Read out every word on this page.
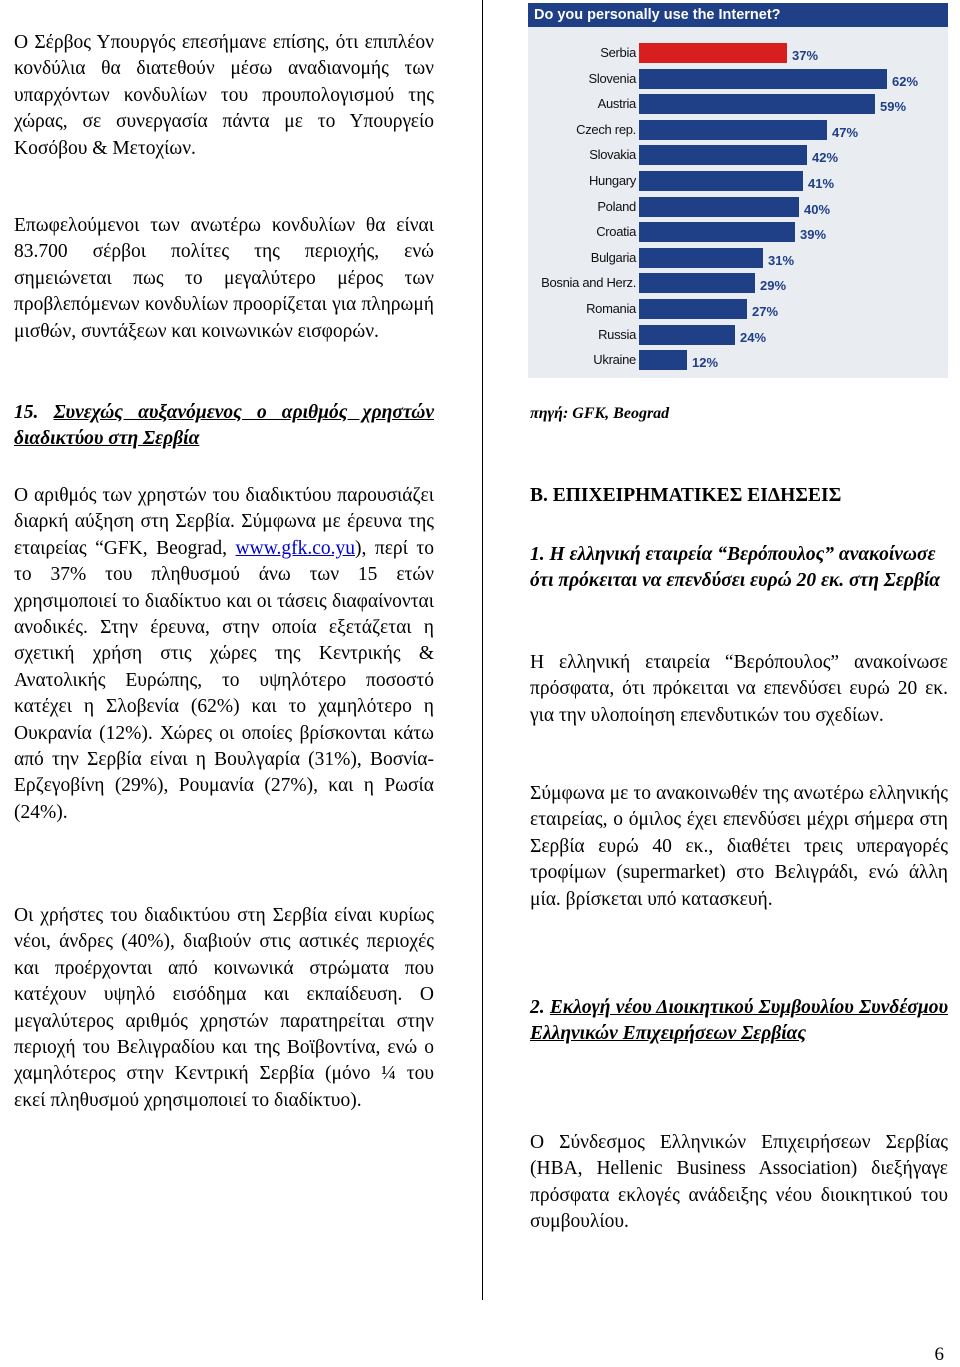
Ο Σέρβος Υπουργός επεσήμανε επίσης, ότι επιπλέον κονδύλια θα διατεθούν μέσω αναδιανομής των υπαρχόντων κονδυλίων του προυπολογισμού της χώρας, σε συνεργασία πάντα με το Υπουργείο Κοσόβου & Μετοχίων.

Επωφελούμενοι των ανωτέρω κονδυλίων θα είναι 83.700 σέρβοι πολίτες της περιοχής, ενώ σημειώνεται πως το μεγαλύτερο μέρος των προβλεπόμενων κονδυλίων προορίζεται για πληρωμή μισθών, συντάξεων και κοινωνικών εισφορών.

15. Συνεχώς αυξανόμενος ο αριθμός χρηστών διαδικτύου στη Σερβία

Ο αριθμός των χρηστών του διαδικτύου παρουσιάζει διαρκή αύξηση στη Σερβία. Σύμφωνα με έρευνα της εταιρείας “GFK, Beograd, www.gfk.co.yu), περί το το 37% του πληθυσμού άνω των 15 ετών χρησιμοποιεί το διαδίκτυο και οι τάσεις διαφαίνονται ανοδικές. Στην έρευνα, στην οποία εξετάζεται η σχετική χρήση στις χώρες της Κεντρικής & Ανατολικής Ευρώπης, το υψηλότερο ποσοστό κατέχει η Σλοβενία (62%) και το χαμηλότερο η Ουκρανία (12%). Χώρες οι οποίες βρίσκονται κάτω από την Σερβία είναι η Βουλγαρία (31%), Βοσνία-Ερζεγοβίνη (29%), Ρουμανία (27%), και η Ρωσία (24%).

Οι χρήστες του διαδικτύου στη Σερβία είναι κυρίως νέοι, άνδρες (40%), διαβιούν στις αστικές περιοχές και προέρχονται από κοινωνικά στρώματα που κατέχουν υψηλό εισόδημα και εκπαίδευση. Ο μεγαλύτερος αριθμός χρηστών παρατηρείται στην περιοχή του Βελιγραδίου και της Βοϊβοντίνα, ενώ ο χαμηλότερος στην Κεντρική Σερβία (μόνο ¼ του εκεί πληθυσμού χρησιμοποιεί το διαδίκτυο).

Do you personally use the Internet?
Serbia	37%
Slovenia	62%
Austria	59%
Czech rep.	47%
Slovakia	42%
Hungary	41%
Poland	40%
Croatia	39%
Bulgaria	31%
Bosnia and Herz.	29%
Romania	27%
Russia	24%
Ukraine	12%
πηγή: GFK, Beograd

Β. ΕΠΙΧΕΙΡΗΜΑΤΙΚΕΣ ΕΙΔΗΣΕΙΣ

1. Η ελληνική εταιρεία “Βερόπουλος” ανακοίνωσε ότι πρόκειται να επενδύσει ευρώ 20 εκ. στη Σερβία

Η ελληνική εταιρεία “Βερόπουλος” ανακοίνωσε πρόσφατα, ότι πρόκειται να επενδύσει ευρώ 20 εκ. για την υλοποίηση επενδυτικών του σχεδίων.

Σύμφωνα με το ανακοινωθέν της ανωτέρω ελληνικής εταιρείας, ο όμιλος έχει επενδύσει μέχρι σήμερα στη Σερβία ευρώ 40 εκ., διαθέτει τρεις υπεραγορές τροφίμων (supermarket) στο Βελιγράδι, ενώ άλλη μία. βρίσκεται υπό κατασκευή.

2. Εκλογή νέου Διοικητικού Συμβουλίου Συνδέσμου Ελληνικών Επιχειρήσεων Σερβίας

Ο Σύνδεσμος Ελληνικών Επιχειρήσεων Σερβίας (ΗΒΑ, Hellenic Business Association) διεξήγαγε πρόσφατα εκλογές ανάδειξης νέου διοικητικού του συμβουλίου.

6
